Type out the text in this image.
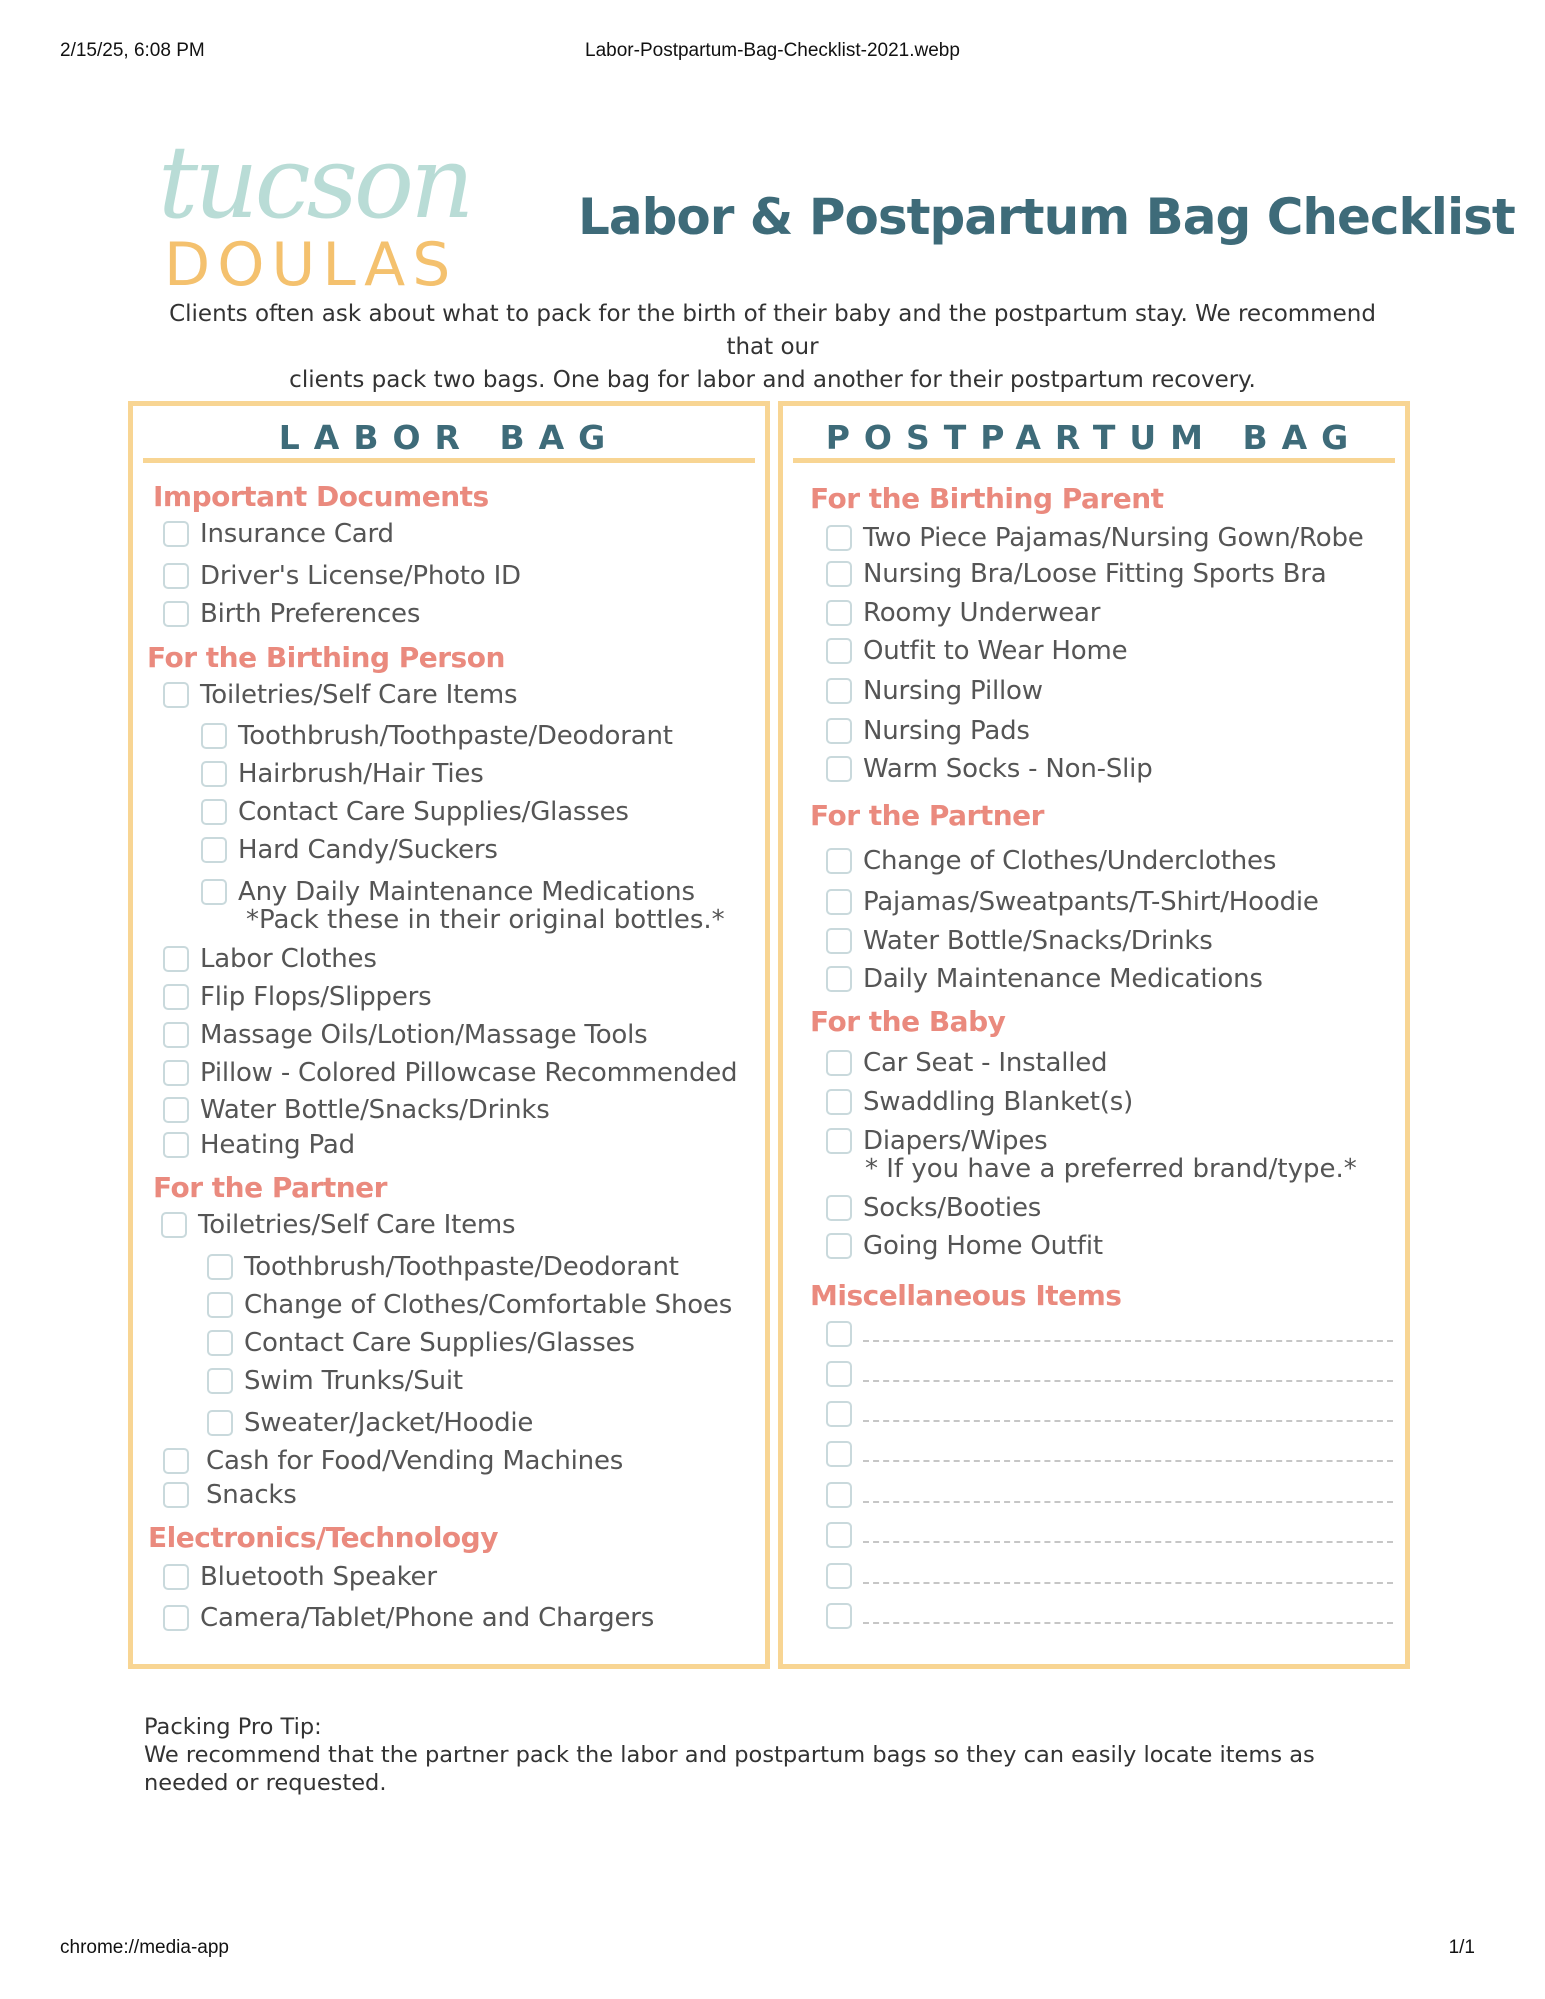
2/15/25, 6:08 PM	Labor-Postpartum-Bag-Checklist-2021.webp
chrome://media-app	1/1
tucson
DOULAS
Labor & Postpartum Bag Checklist
Clients often ask about what to pack for the birth of their baby and the postpartum stay. We recommend that our
clients pack two bags. One bag for labor and another for their postpartum recovery.
LABOR BAG
Important Documents
Insurance Card
Driver's License/Photo ID
Birth Preferences
For the Birthing Person
Toiletries/Self Care Items
Toothbrush/Toothpaste/Deodorant
Hairbrush/Hair Ties
Contact Care Supplies/Glasses
Hard Candy/Suckers
Any Daily Maintenance Medications
*Pack these in their original bottles.*
Labor Clothes
Flip Flops/Slippers
Massage Oils/Lotion/Massage Tools
Pillow - Colored Pillowcase Recommended
Water Bottle/Snacks/Drinks
Heating Pad
For the Partner
Toiletries/Self Care Items
Toothbrush/Toothpaste/Deodorant
Change of Clothes/Comfortable Shoes
Contact Care Supplies/Glasses
Swim Trunks/Suit
Sweater/Jacket/Hoodie
Cash for Food/Vending Machines
Snacks
Electronics/Technology
Bluetooth Speaker
Camera/Tablet/Phone and Chargers
POSTPARTUM BAG
For the Birthing Parent
Two Piece Pajamas/Nursing Gown/Robe
Nursing Bra/Loose Fitting Sports Bra
Roomy Underwear
Outfit to Wear Home
Nursing Pillow
Nursing Pads
Warm Socks - Non-Slip
For the Partner
Change of Clothes/Underclothes
Pajamas/Sweatpants/T-Shirt/Hoodie
Water Bottle/Snacks/Drinks
Daily Maintenance Medications
For the Baby
Car Seat - Installed
Swaddling Blanket(s)
Diapers/Wipes
* If you have a preferred brand/type.*
Socks/Booties
Going Home Outfit
Miscellaneous Items
Packing Pro Tip:
We recommend that the partner pack the labor and postpartum bags so they can easily locate items as needed or requested.
